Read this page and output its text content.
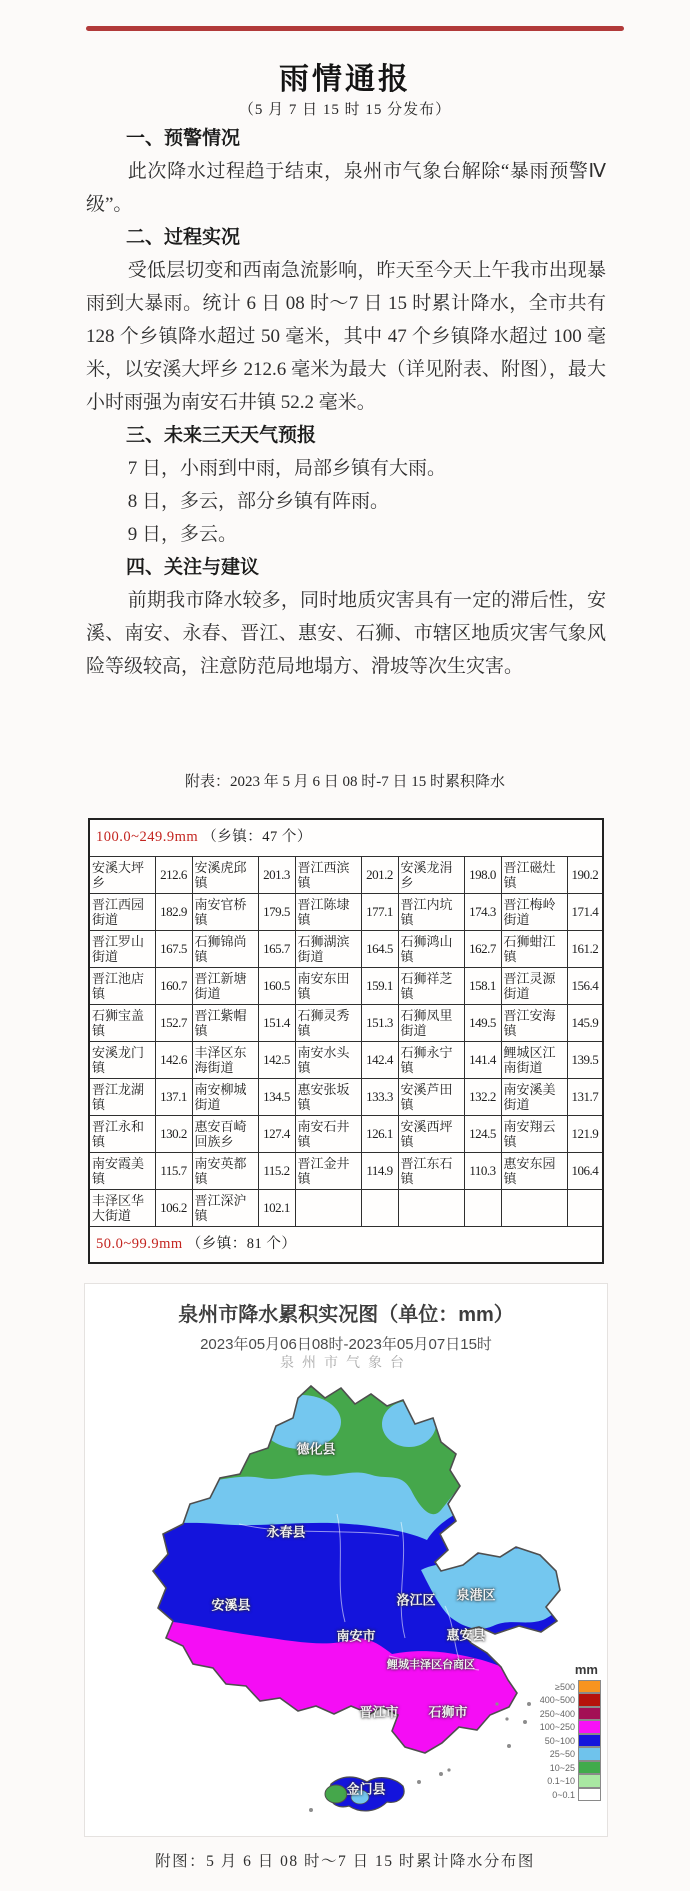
雨情通报
（5 月 7 日 15 时 15 分发布）
一、预警情况

此次降水过程趋于结束，泉州市气象台解除“暴雨预警Ⅳ级”。

二、过程实况

受低层切变和西南急流影响，昨天至今天上午我市出现暴雨到大暴雨。统计 6 日 08 时～7 日 15 时累计降水，全市共有 128 个乡镇降水超过 50 毫米，其中 47 个乡镇降水超过 100 毫米，以安溪大坪乡 212.6 毫米为最大（详见附表、附图），最大小时雨强为南安石井镇 52.2 毫米。

三、未来三天天气预报

7 日，小雨到中雨，局部乡镇有大雨。

8 日，多云，部分乡镇有阵雨。

9 日，多云。

四、关注与建议

前期我市降水较多，同时地质灾害具有一定的滞后性，安溪、南安、永春、晋江、惠安、石狮、市辖区地质灾害气象风险等级较高，注意防范局地塌方、滑坡等次生灾害。

附表：2023 年 5 月 6 日 08 时-7 日 15 时累积降水
100.0~249.9mm （乡镇：47 个）									
安溪大坪乡	212.6	安溪虎邱镇	201.3	晋江西滨镇	201.2	安溪龙涓乡	198.0	晋江磁灶镇	190.2
晋江西园街道	182.9	南安官桥镇	179.5	晋江陈埭镇	177.1	晋江内坑镇	174.3	晋江梅岭街道	171.4
晋江罗山街道	167.5	石狮锦尚镇	165.7	石狮湖滨街道	164.5	石狮鸿山镇	162.7	石狮蚶江镇	161.2
晋江池店镇	160.7	晋江新塘街道	160.5	南安东田镇	159.1	石狮祥芝镇	158.1	晋江灵源街道	156.4
石狮宝盖镇	152.7	晋江紫帽镇	151.4	石狮灵秀镇	151.3	石狮凤里街道	149.5	晋江安海镇	145.9
安溪龙门镇	142.6	丰泽区东海街道	142.5	南安水头镇	142.4	石狮永宁镇	141.4	鲤城区江南街道	139.5
晋江龙湖镇	137.1	南安柳城街道	134.5	惠安张坂镇	133.3	安溪芦田镇	132.2	南安溪美街道	131.7
晋江永和镇	130.2	惠安百崎回族乡	127.4	南安石井镇	126.1	安溪西坪镇	124.5	南安翔云镇	121.9
南安霞美镇	115.7	南安英都镇	115.2	晋江金井镇	114.9	晋江东石镇	110.3	惠安东园镇	106.4
丰泽区华大街道	106.2	晋江深沪镇	102.1						
50.0~99.9mm （乡镇：81 个）									
泉州市降水累积实况图（单位：mm）
2023年05月06日08时-2023年05月07日15时
泉州市气象台
德化县
永春县
安溪县	洛江区 泉港区
南安市	惠安县
鲤城丰泽区台商区
晋江市 石狮市
金门县
mm
≥500
400~500
250~400
100~250
50~100
25~50
10~25
0.1~10
0~0.1
附图：5 月 6 日 08 时～7 日 15 时累计降水分布图
